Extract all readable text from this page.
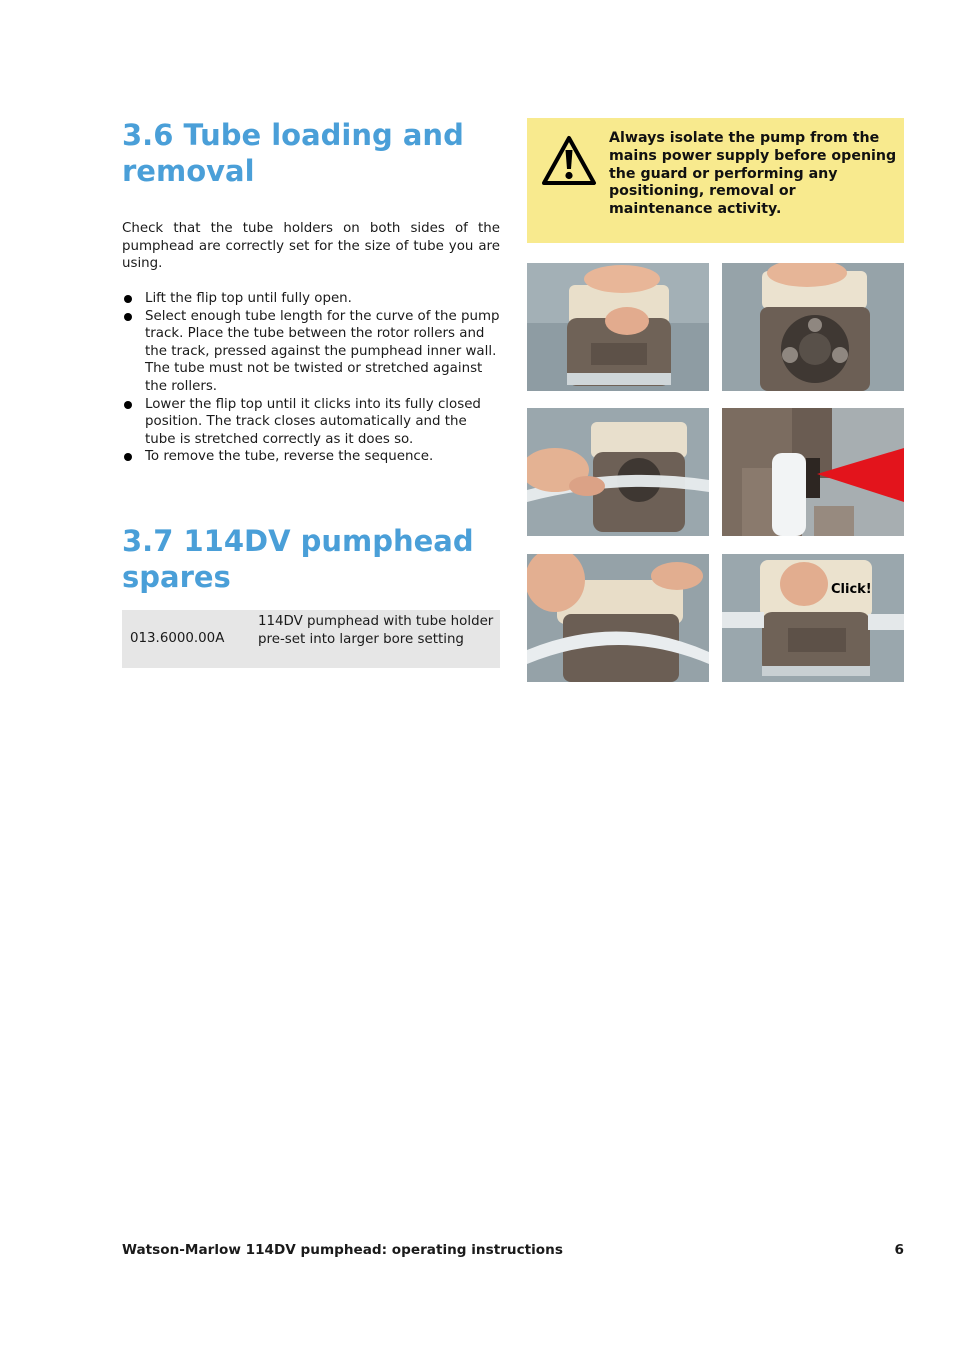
3.6 Tube loading and removal

Check that the tube holders on both sides of the pumphead are correctly set for the size of tube you are using.

Lift the flip top until fully open.
Select enough tube length for the curve of the pump track. Place the tube between the rotor rollers and the track, pressed against the pumphead inner wall. The tube must not be twisted or stretched against the rollers.
Lower the flip top until it clicks into its fully closed position. The track closes automatically and the tube is stretched correctly as it does so.
To remove the tube, reverse the sequence.
3.7 114DV pumphead spares
013.6000.00A
114DV pumphead with tube holder pre-set into larger bore setting
Always isolate the pump from the mains power supply before opening the guard or performing any positioning, removal or maintenance activity.
Click!
Watson-Marlow 114DV pumphead: operating instructions	6
